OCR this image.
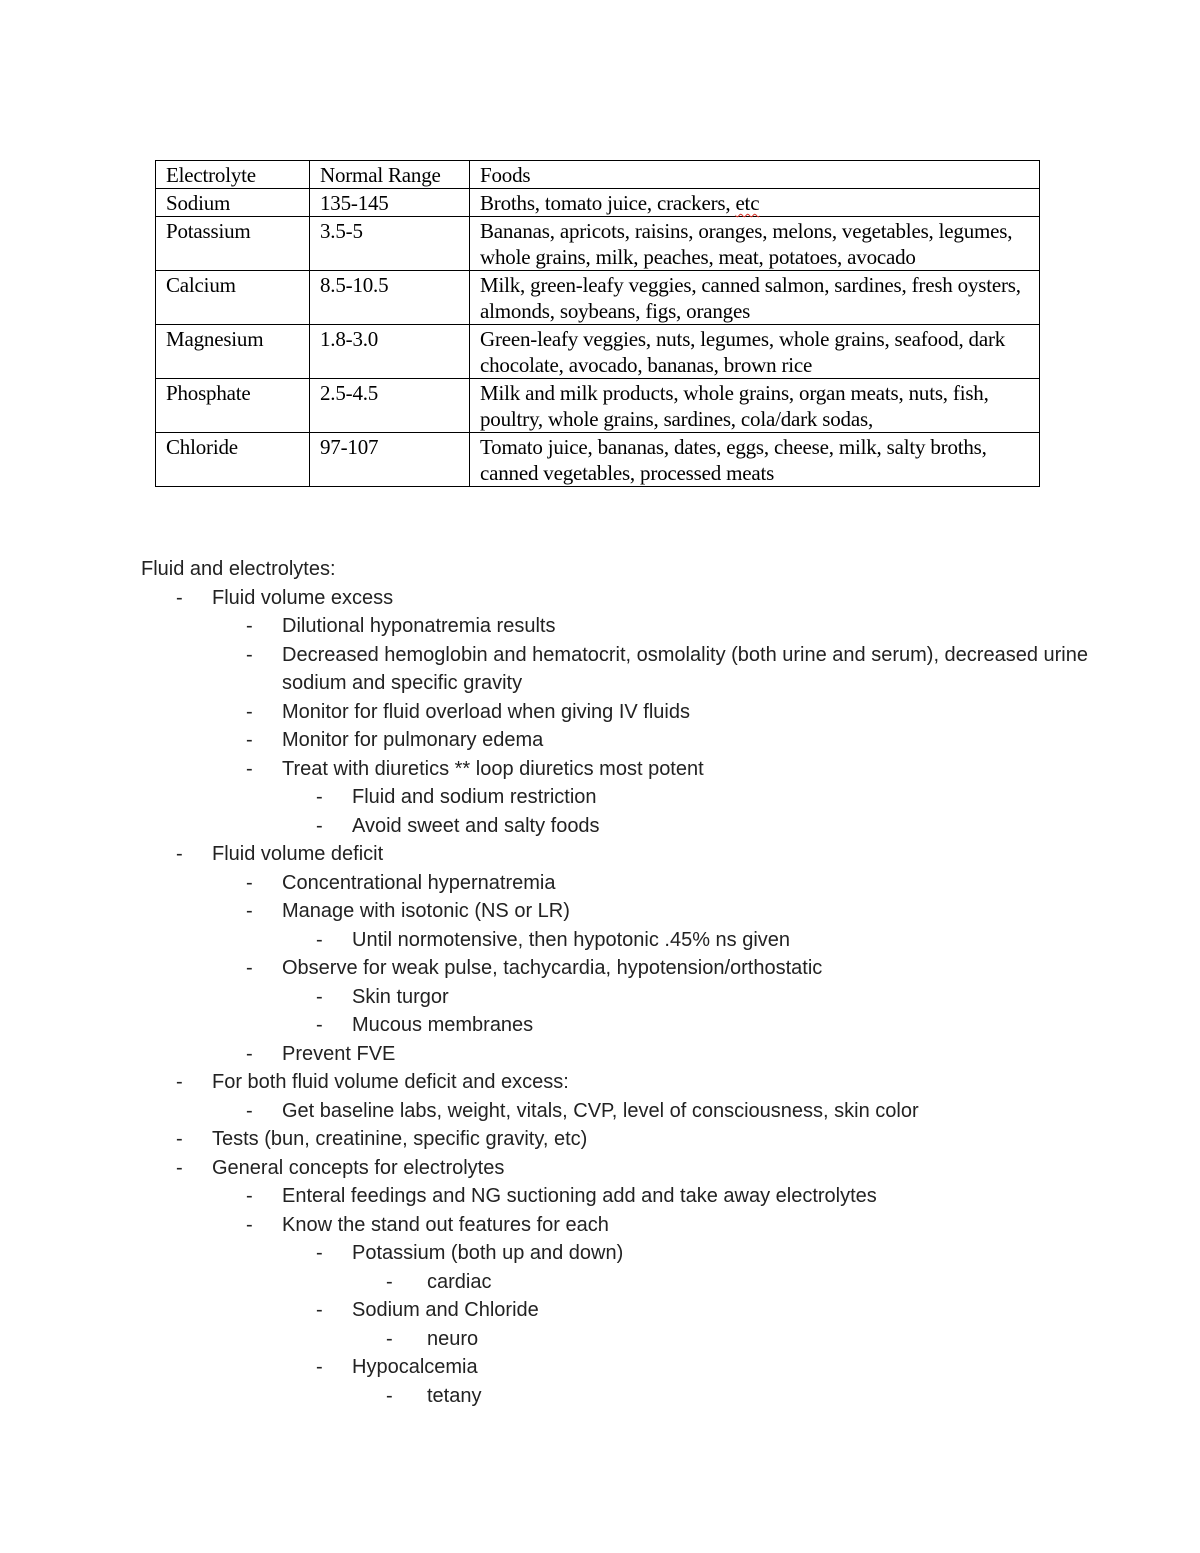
Electrolyte	Normal Range	Foods
Sodium	135-145	Broths, tomato juice, crackers, etc
Potassium	3.5-5	Bananas, apricots, raisins, oranges, melons, vegetables, legumes, whole grains, milk, peaches, meat, potatoes, avocado
Calcium	8.5-10.5	Milk, green-leafy veggies, canned salmon, sardines, fresh oysters, almonds, soybeans, figs, oranges
Magnesium	1.8-3.0	Green-leafy veggies, nuts, legumes, whole grains, seafood, dark chocolate, avocado, bananas, brown rice
Phosphate	2.5-4.5	Milk and milk products, whole grains, organ meats, nuts, fish, poultry, whole grains, sardines, cola/dark sodas,
Chloride	97-107	Tomato juice, bananas, dates, eggs, cheese, milk, salty broths, canned vegetables, processed meats

Fluid and electrolytes:

-	Fluid volume excess
-	Dilutional hyponatremia results
-	Decreased hemoglobin and hematocrit, osmolality (both urine and serum), decreased urine sodium and specific gravity
-	Monitor for fluid overload when giving IV fluids
-	Monitor for pulmonary edema
-	Treat with diuretics ** loop diuretics most potent
-	Fluid and sodium restriction
-	Avoid sweet and salty foods
-	Fluid volume deficit
-	Concentrational hypernatremia
-	Manage with isotonic (NS or LR)
-	Until normotensive, then hypotonic .45% ns given
-	Observe for weak pulse, tachycardia, hypotension/orthostatic
-	Skin turgor
-	Mucous membranes
-	Prevent FVE
-	For both fluid volume deficit and excess:
-	Get baseline labs, weight, vitals, CVP, level of consciousness, skin color
-	Tests (bun, creatinine, specific gravity, etc)
-	General concepts for electrolytes
-	Enteral feedings and NG suctioning add and take away electrolytes
-	Know the stand out features for each
-	Potassium (both up and down)
-	cardiac
-	Sodium and Chloride
-	neuro
-	Hypocalcemia
-	tetany
